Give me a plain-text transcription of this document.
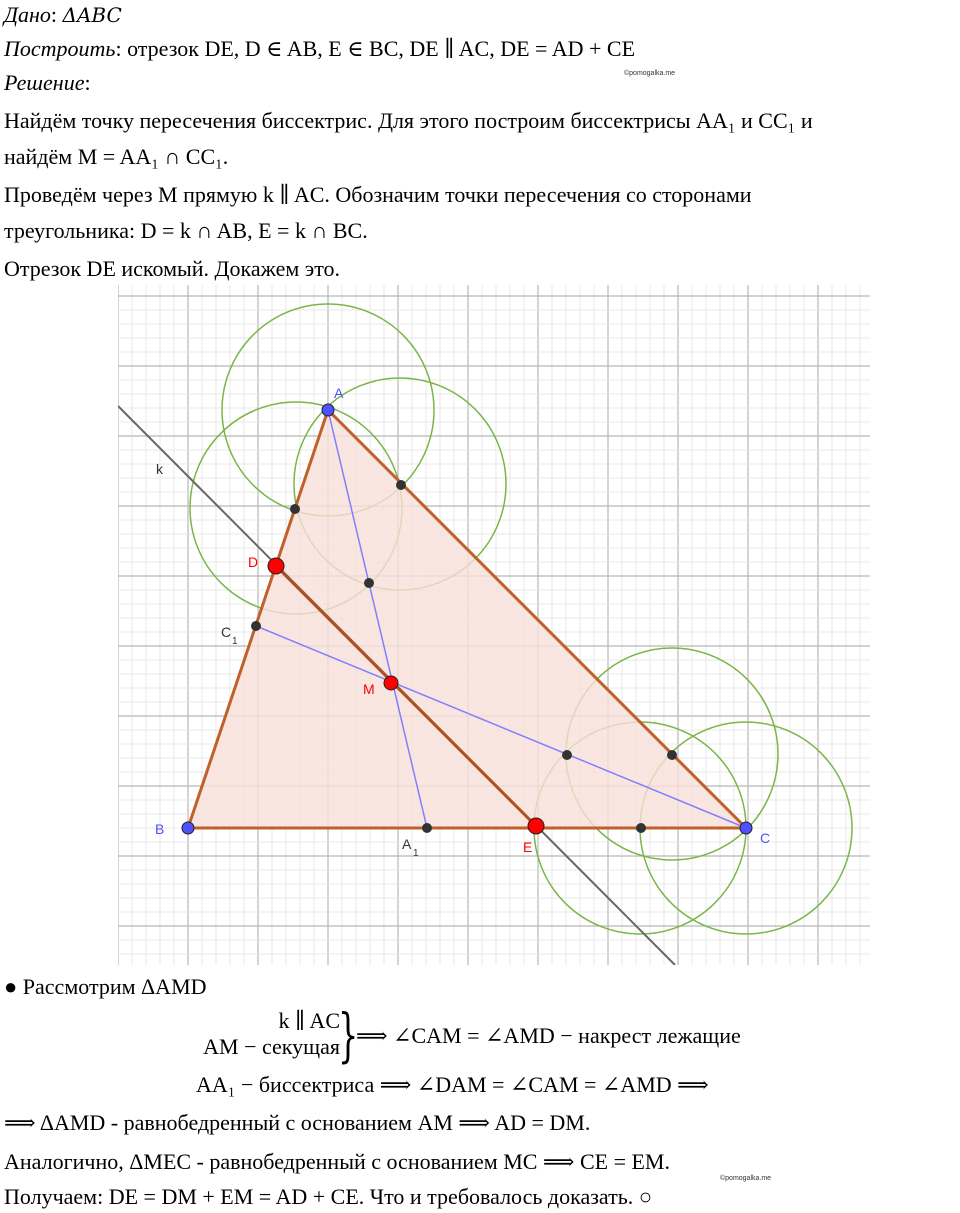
Дано: ΔABC
Построить: отрезок DE, D ∈ AB, E ∈ BC, DE ∥ AC, DE = AD + CE
©pomogalka.me
Решение:
Найдём точку пересечения биссектрис. Для этого построим биссектрисы AA₁ и CC₁ и
найдём M = AA₁ ∩ CC₁.
Проведём через M прямую k ∥ AC. Обозначим точки пересечения со сторонами
треугольника: D = k ∩ AB, E = k ∩ BC.
Отрезок DE искомый. Докажем это.
A
B
C
D
E
M
k
A
1
C
1
● Рассмотрим ΔAMD
k ∥ AC
AM − секущая
}
⟹ ∠CAM = ∠AMD − накрест лежащие
AA₁ − биссектриса ⟹ ∠DAM = ∠CAM = ∠AMD ⟹
⟹ ΔAMD - равнобедренный с основанием AM ⟹ AD = DM.
Аналогично, ΔMEC - равнобедренный с основанием MC ⟹ CE = EM.
©pomogalka.me
Получаем: DE = DM + EM = AD + CE. Что и требовалось доказать. ○
